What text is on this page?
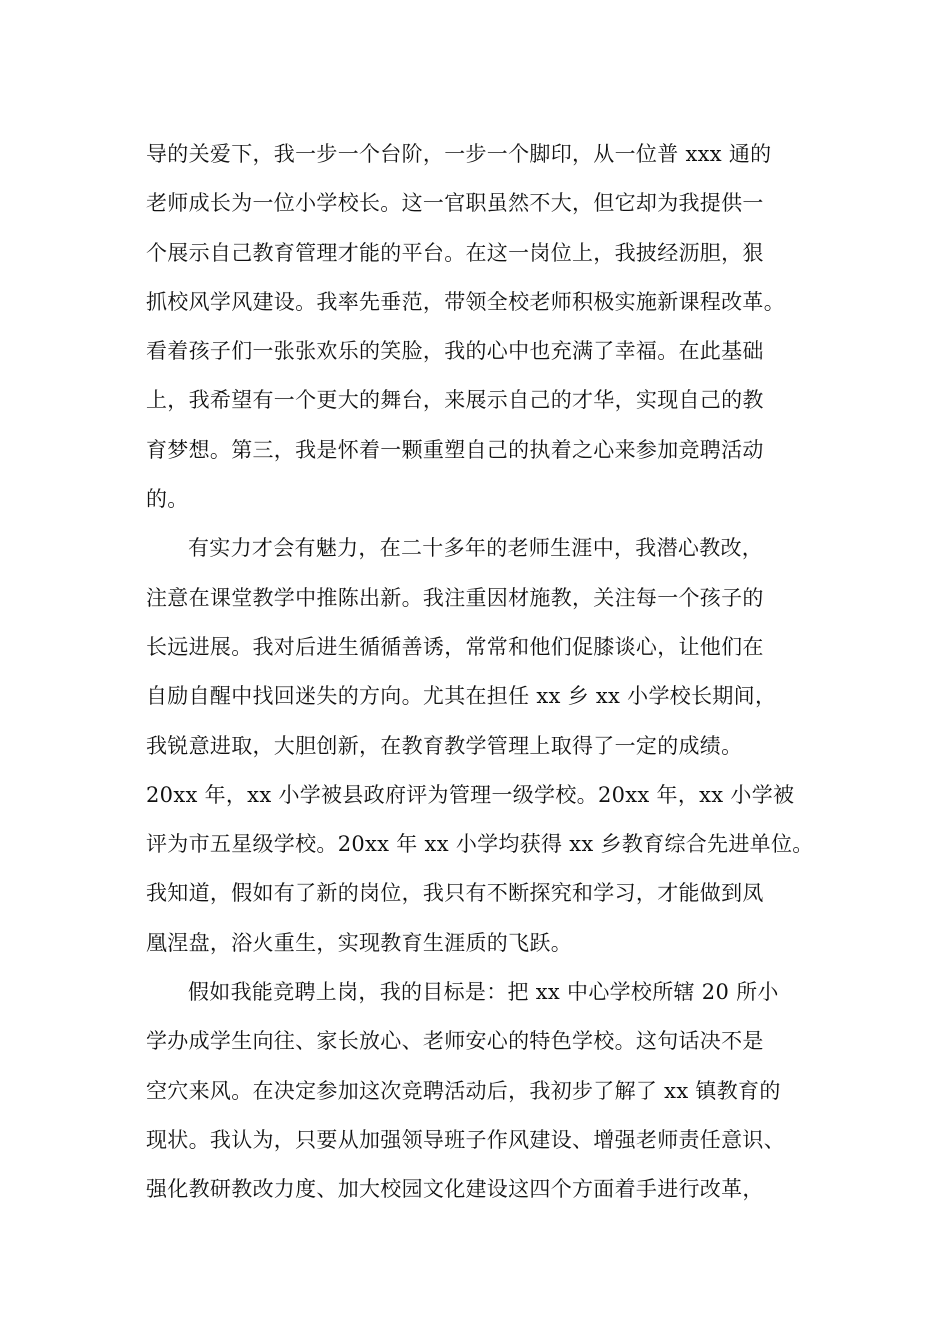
导的关爱下，我一步一个台阶，一步一个脚印，从一位普 xxx 通的
老师成长为一位小学校长。这一官职虽然不大，但它却为我提供一
个展示自己教育管理才能的平台。在这一岗位上，我披经沥胆，狠
抓校风学风建设。我率先垂范，带领全校老师积极实施新课程改革。
看着孩子们一张张欢乐的笑脸，我的心中也充满了幸福。在此基础
上，我希望有一个更大的舞台，来展示自己的才华，实现自己的教
育梦想。第三，我是怀着一颗重塑自己的执着之心来参加竞聘活动
的。
有实力才会有魅力，在二十多年的老师生涯中，我潜心教改，
注意在课堂教学中推陈出新。我注重因材施教，关注每一个孩子的
长远进展。我对后进生循循善诱，常常和他们促膝谈心，让他们在
自励自醒中找回迷失的方向。尤其在担任 xx 乡 xx 小学校长期间，
我锐意进取，大胆创新，在教育教学管理上取得了一定的成绩。
20xx 年，xx 小学被县政府评为管理一级学校。20xx 年，xx 小学被
评为市五星级学校。20xx 年 xx 小学均获得 xx 乡教育综合先进单位。
我知道，假如有了新的岗位，我只有不断探究和学习，才能做到凤
凰涅盘，浴火重生，实现教育生涯质的飞跃。
假如我能竞聘上岗，我的目标是：把 xx 中心学校所辖 20 所小
学办成学生向往、家长放心、老师安心的特色学校。这句话决不是
空穴来风。在决定参加这次竞聘活动后，我初步了解了 xx 镇教育的
现状。我认为，只要从加强领导班子作风建设、增强老师责任意识、
强化教研教改力度、加大校园文化建设这四个方面着手进行改革，
